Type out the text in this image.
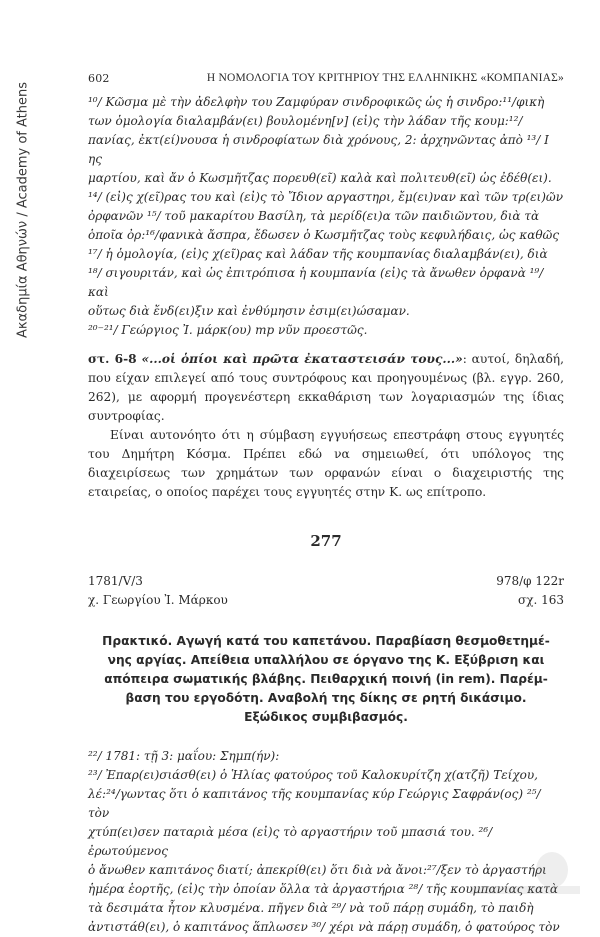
Ακαδημία Αθηνών / Academy of Athens
602	Η ΝΟΜΟΛΟΓΙΑ ΤΟΥ ΚΡΙΤΗΡΙΟΥ ΤΗΣ ΕΛΛΗΝΙΚΗΣ «ΚΟΜΠΑΝΙΑΣ»

¹⁰/ Κῶσμα μὲ τὴν ἀδελφὴν του Ζαμφύραν σινδροφικῶς ὡς ἡ σινδρο:¹¹/φικὴ

των ὁμολογία διαλαμβάν(ει) βουλομένη[ν] (εἰ)ς τὴν λάδαν τῆς κουμ:¹²/

πανίας, ἐκτ(εί)νουσα ἡ σινδροφίατων διὰ χρόνους, 2: ἀρχηνῶντας ἀπὸ ¹³/ Ι ης

μαρτίου, καὶ ἄν ὁ Κωσμῆτζας πορευθ(εῖ) καλὰ καὶ πολιτευθ(εῖ) ὡς ἐδέθ(ει).

¹⁴/ (εἰ)ς χ(εῖ)ρας του καὶ (εἰ)ς τὸ Ἴδιον αργαστηρι, ἔμ(ει)ναν καὶ τῶν τρ(ει)ῶν

ὀρφανῶν ¹⁵/ τοῦ μακαρίτου Βασίλη, τὰ μερίδ(ει)α τῶν παιδιῶντου, διὰ τὰ

ὁποῖα ὀρ:¹⁶/φανικὰ ἄσπρα, ἔδωσεν ὁ Κωσμῆτζας τοὺς κεφυλήδαις, ὡς καθῶς

¹⁷/ ἡ ὁμολογία, (εἰ)ς χ(εῖ)ρας καὶ λάδαν τῆς κουμπανίας διαλαμβάν(ει), διὰ

¹⁸/ σιγουριτάν, καὶ ὡς ἐπιτρόπισα ἡ κουμπανία (εἰ)ς τὰ ἄνωθεν ὀρφανὰ ¹⁹/ καὶ

οὕτως διὰ ἔνδ(ει)ξιν καὶ ἐνθύμησιν ἐσιμ(ει)ώσαμαν.

²⁰⁻²¹/ Γεώργιος Ἰ. μάρκ(ου) mp νῦν προεστῶς.

στ. 6-8 «...οἱ ὁπίοι καὶ πρῶτα ἐκαταστεισάν τους...»: αυτοί, δηλαδή, που είχαν επιλεγεί από τους συντρόφους και προηγουμένως (βλ. εγγρ. 260, 262), με αφορμή προγενέστερη εκκαθάριση των λογαριασμών της ίδιας συντροφίας.

Είναι αυτονόητο ότι η σύμβαση εγγυήσεως επεστράφη στους εγγυητές του Δημήτρη Κόσμα. Πρέπει εδώ να σημειωθεί, ότι υπόλογος της διαχειρίσεως των χρημάτων των ορφανών είναι ο διαχειριστής της εταιρείας, ο οποίος παρέχει τους εγγυητές στην Κ. ως επίτροπο.

277
1781/V/3	978/φ 122r
χ. Γεωργίου Ἰ. Μάρκου	σχ. 163

Πρακτικό. Αγωγή κατά του καπετάνου. Παραβίαση θεσμοθετημέ-

νης αργίας. Απείθεια υπαλλήλου σε όργανο της Κ. Εξύβριση και

απόπειρα σωματικής βλάβης. Πειθαρχική ποινή (in rem). Παρέμ-

βαση του εργοδότη. Αναβολή της δίκης σε ρητή δικάσιμο.

Εξώδικος συμβιβασμός.

²²/ 1781: τῇ 3: μαΐου: Σημπ(ήν):

²³/ Ἐπαρ(ει)σιάσθ(ει) ὁ Ἡλίας φατούρος τοῦ Καλοκυρίτζη χ(ατζῆ) Τείχου,

λέ:²⁴/γωντας ὅτι ὁ καπιτάνος τῆς κουμπανίας κύρ Γεώργις Σαφράν(ος) ²⁵/ τὸν

χτύπ(ει)σεν παταριὰ μέσα (εἰ)ς τὸ αργαστήριν τοῦ μπασιά του. ²⁶/ ἐρωτούμενος

ὁ ἄνωθεν καπιτάνος διατί; ἀπεκρίθ(ει) ὅτι διὰ νὰ ἄνοι:²⁷/ξεν τὸ ἀργαστήρι

ἡμέρα ἑορτῆς, (εἰ)ς τὴν ὁποίαν ὅλλα τὰ ἀργαστήρια ²⁸/ τῆς κουμπανίας κατὰ

τὰ δεσιμάτα ἦτον κλυσμένα. πῆγεν διὰ ²⁹/ νὰ τοῦ πάρῃ συμάδη, τὸ παιδὴ

ἀντιστάθ(ει), ὁ καπιτάνος ἅπλωσεν ³⁰/ χέρι νὰ πάρῃ συμάδη, ὁ φατούρος τὸν
